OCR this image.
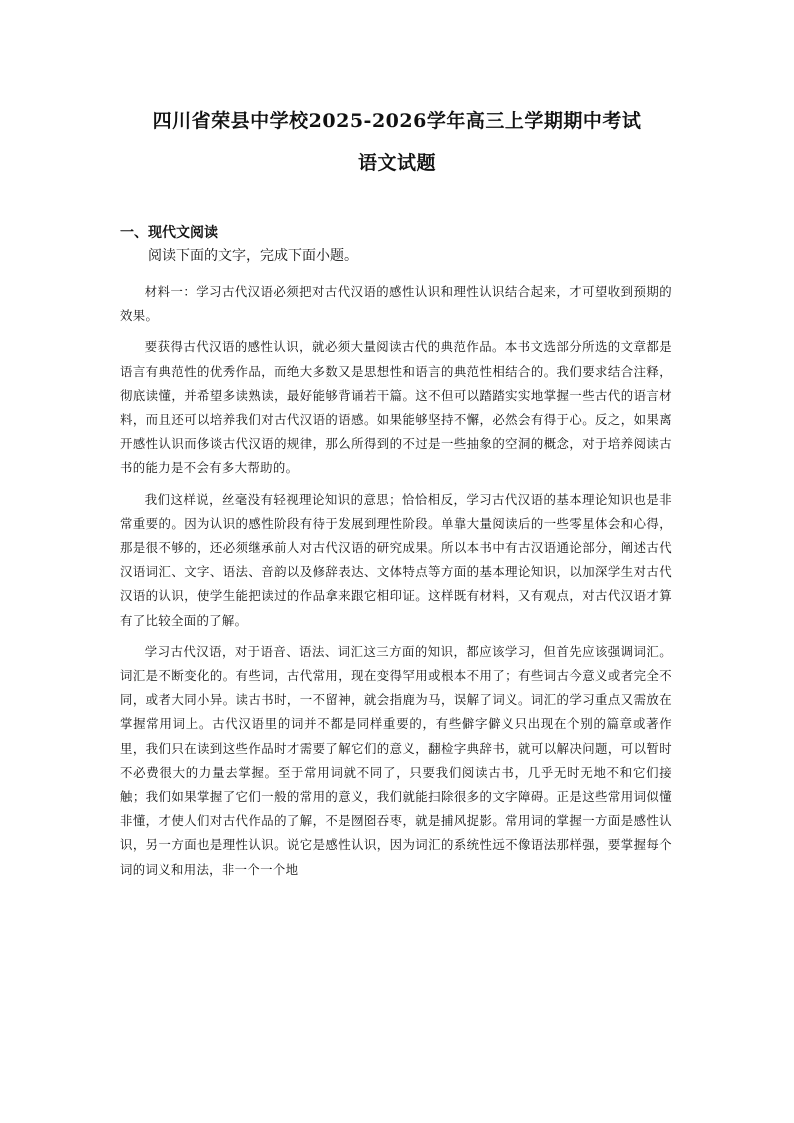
四川省荣县中学校2025-2026学年高三上学期期中考试
语文试题
一、现代文阅读
阅读下面的文字，完成下面小题。

材料一：学习古代汉语必须把对古代汉语的感性认识和理性认识结合起来，才可望收到预期的效果。

要获得古代汉语的感性认识，就必须大量阅读古代的典范作品。本书文选部分所选的文章都是语言有典范性的优秀作品，而绝大多数又是思想性和语言的典范性相结合的。我们要求结合注释，彻底读懂，并希望多读熟读，最好能够背诵若干篇。这不但可以踏踏实实地掌握一些古代的语言材料，而且还可以培养我们对古代汉语的语感。如果能够坚持不懈，必然会有得于心。反之，如果离开感性认识而侈谈古代汉语的规律，那么所得到的不过是一些抽象的空洞的概念，对于培养阅读古书的能力是不会有多大帮助的。

我们这样说，丝毫没有轻视理论知识的意思；恰恰相反，学习古代汉语的基本理论知识也是非常重要的。因为认识的感性阶段有待于发展到理性阶段。单靠大量阅读后的一些零星体会和心得，那是很不够的，还必须继承前人对古代汉语的研究成果。所以本书中有古汉语通论部分，阐述古代汉语词汇、文字、语法、音韵以及修辞表达、文体特点等方面的基本理论知识，以加深学生对古代汉语的认识，使学生能把读过的作品拿来跟它相印证。这样既有材料，又有观点，对古代汉语才算有了比较全面的了解。

学习古代汉语，对于语音、语法、词汇这三方面的知识，都应该学习，但首先应该强调词汇。词汇是不断变化的。有些词，古代常用，现在变得罕用或根本不用了；有些词古今意义或者完全不同，或者大同小异。读古书时，一不留神，就会指鹿为马，误解了词义。词汇的学习重点又需放在掌握常用词上。古代汉语里的词并不都是同样重要的，有些僻字僻义只出现在个别的篇章或著作里，我们只在读到这些作品时才需要了解它们的意义，翻检字典辞书，就可以解决问题，可以暂时不必费很大的力量去掌握。至于常用词就不同了，只要我们阅读古书，几乎无时无地不和它们接触；我们如果掌握了它们一般的常用的意义，我们就能扫除很多的文字障碍。正是这些常用词似懂非懂，才使人们对古代作品的了解，不是囫囵吞枣，就是捕风捉影。常用词的掌握一方面是感性认识，另一方面也是理性认识。说它是感性认识，因为词汇的系统性远不像语法那样强，要掌握每个词的词义和用法，非一个一个地
